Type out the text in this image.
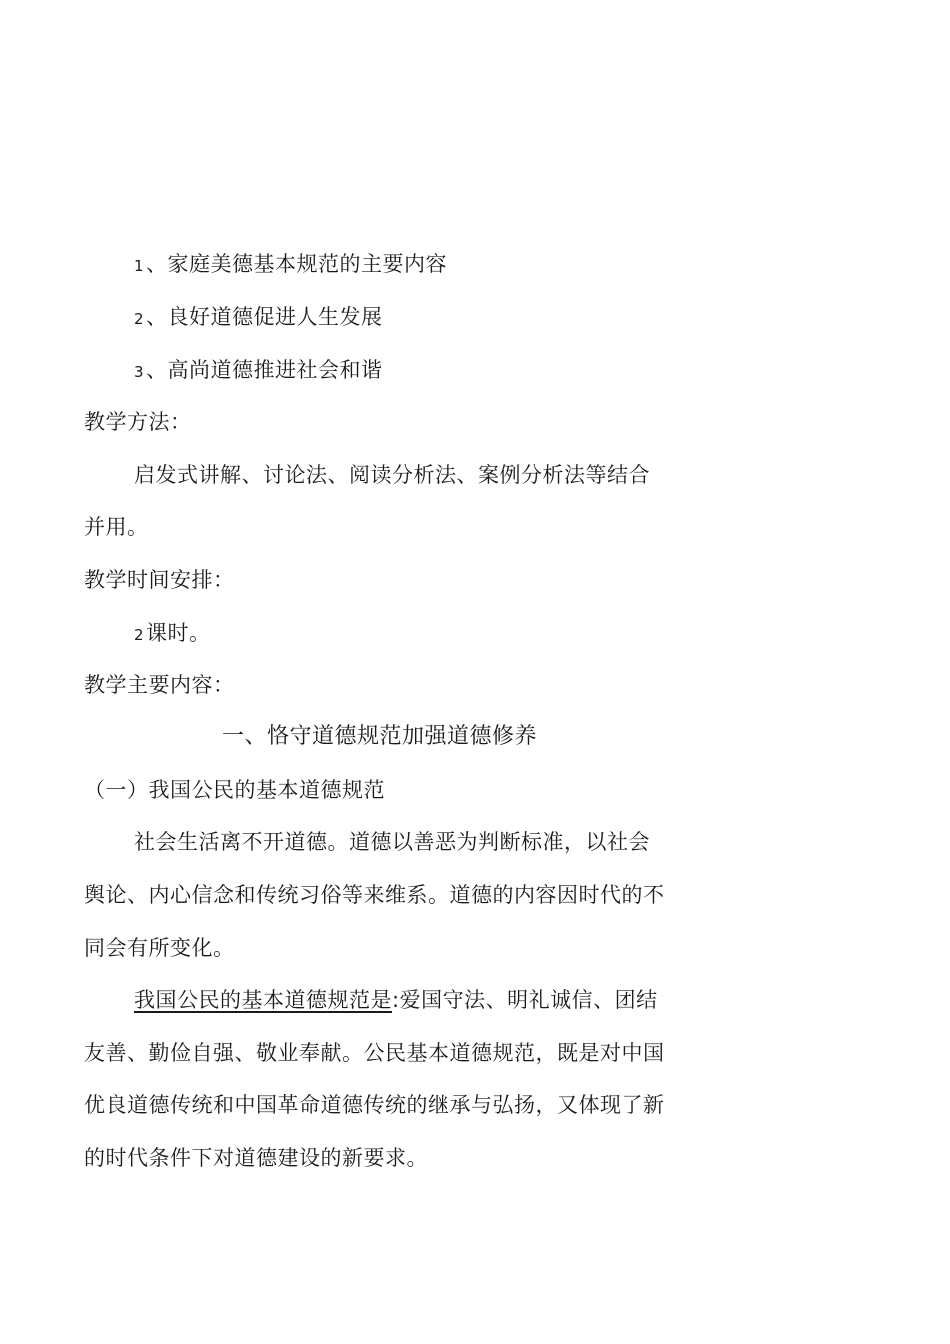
1、家庭美德基本规范的主要内容
2、良好道德促进人生发展
3、高尚道德推进社会和谐
教学方法：
启发式讲解、讨论法、阅读分析法、案例分析法等结合
并用。
教学时间安排：
2课时。
教学主要内容：
一、恪守道德规范加强道德修养
（一）我国公民的基本道德规范
社会生活离不开道德。道德以善恶为判断标准，以社会
舆论、内心信念和传统习俗等来维系。道德的内容因时代的不
同会有所变化。
我国公民的基本道德规范是:爱国守法、明礼诚信、团结
友善、勤俭自强、敬业奉献。公民基本道德规范，既是对中国
优良道德传统和中国革命道德传统的继承与弘扬，又体现了新
的时代条件下对道德建设的新要求。
